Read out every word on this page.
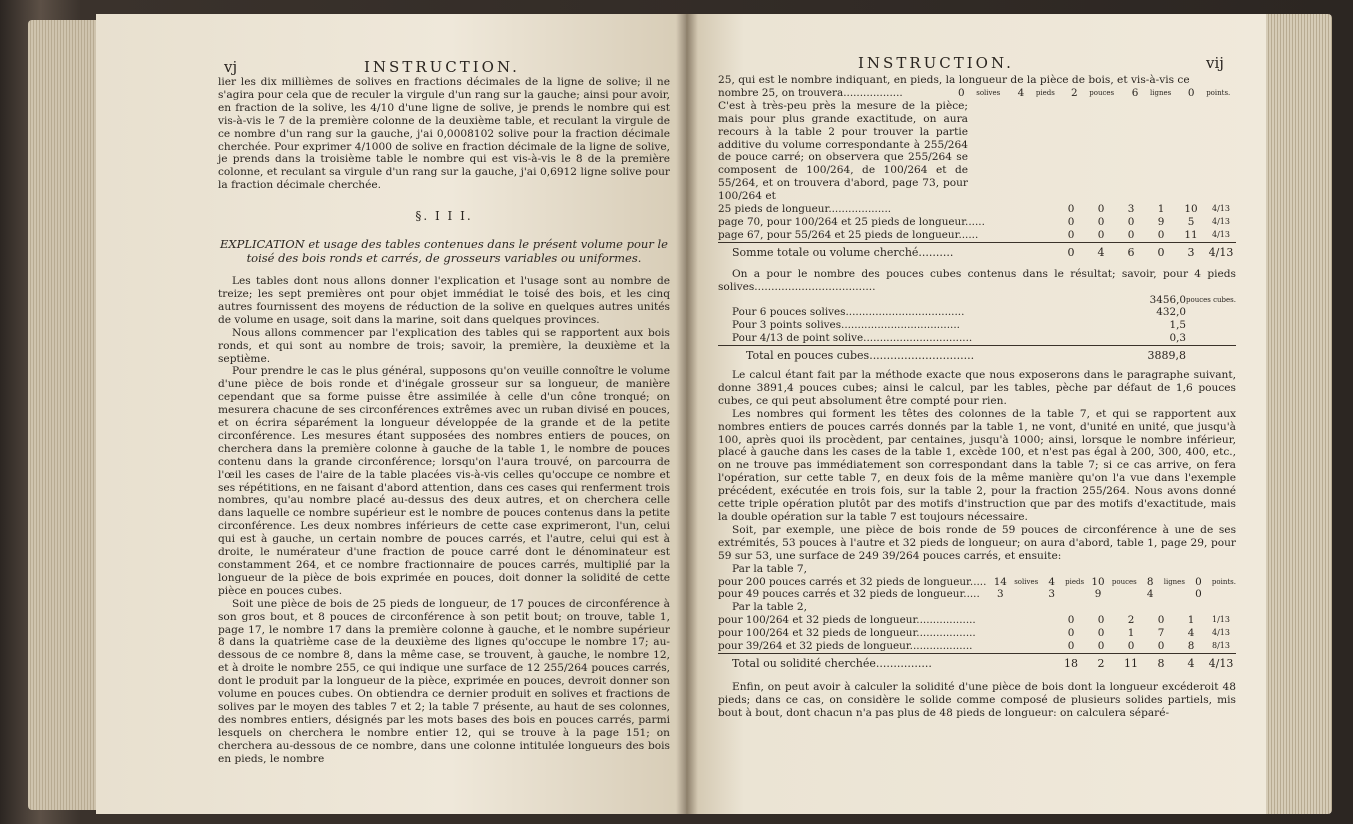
vj	INSTRUCTION.
lier les dix millièmes de solives en fractions décimales de la ligne de solive; il ne s'agira pour cela que de reculer la virgule d'un rang sur la gauche; ainsi pour avoir, en fraction de la solive, les 4/10 d'une ligne de solive, je prends le nombre qui est vis-à-vis le 7 de la première colonne de la deuxième table, et reculant la virgule de ce nombre d'un rang sur la gauche, j'ai 0,0008102 solive pour la fraction décimale cherchée. Pour exprimer 4/1000 de solive en fraction décimale de la ligne de solive, je prends dans la troisième table le nombre qui est vis-à-vis le 8 de la première colonne, et reculant sa virgule d'un rang sur la gauche, j'ai 0,6912 ligne solive pour la fraction décimale cherchée.
§. I I I.
EXPLICATION et usage des tables contenues dans le présent volume pour le toisé des bois ronds et carrés, de grosseurs variables ou uniformes.

Les tables dont nous allons donner l'explication et l'usage sont au nombre de treize; les sept premières ont pour objet immédiat le toisé des bois, et les cinq autres fournissent des moyens de réduction de la solive en quelques autres unités de volume en usage, soit dans la marine, soit dans quelques provinces.

Nous allons commencer par l'explication des tables qui se rapportent aux bois ronds, et qui sont au nombre de trois; savoir, la première, la deuxième et la septième.

Pour prendre le cas le plus général, supposons qu'on veuille connoître le volume d'une pièce de bois ronde et d'inégale grosseur sur sa longueur, de manière cependant que sa forme puisse être assimilée à celle d'un cône tronqué; on mesurera chacune de ses circonférences extrêmes avec un ruban divisé en pouces, et on écrira séparément la longueur développée de la grande et de la petite circonférence. Les mesures étant supposées des nombres entiers de pouces, on cherchera dans la première colonne à gauche de la table 1, le nombre de pouces contenu dans la grande circonférence; lorsqu'on l'aura trouvé, on parcourra de l'œil les cases de l'aire de la table placées vis-à-vis celles qu'occupe ce nombre et ses répétitions, en ne faisant d'abord attention, dans ces cases qui renferment trois nombres, qu'au nombre placé au-dessus des deux autres, et on cherchera celle dans laquelle ce nombre supérieur est le nombre de pouces contenus dans la petite circonférence. Les deux nombres inférieurs de cette case exprimeront, l'un, celui qui est à gauche, un certain nombre de pouces carrés, et l'autre, celui qui est à droite, le numérateur d'une fraction de pouce carré dont le dénominateur est constamment 264, et ce nombre fractionnaire de pouces carrés, multiplié par la longueur de la pièce de bois exprimée en pouces, doit donner la solidité de cette pièce en pouces cubes.

Soit une pièce de bois de 25 pieds de longueur, de 17 pouces de circonférence à son gros bout, et 8 pouces de circonférence à son petit bout; on trouve, table 1, page 17, le nombre 17 dans la première colonne à gauche, et le nombre supérieur 8 dans la quatrième case de la deuxième des lignes qu'occupe le nombre 17; au-dessous de ce nombre 8, dans la même case, se trouvent, à gauche, le nombre 12, et à droite le nombre 255, ce qui indique une surface de 12 255/264 pouces carrés, dont le produit par la longueur de la pièce, exprimée en pouces, devroit donner son volume en pouces cubes. On obtiendra ce dernier produit en solives et fractions de solives par le moyen des tables 7 et 2; la table 7 présente, au haut de ses colonnes, des nombres entiers, désignés par les mots bases des bois en pouces carrés, parmi lesquels on cherchera le nombre entier 12, qui se trouve à la page 151; on cherchera au-dessous de ce nombre, dans une colonne intitulée longueurs des bois en pieds, le nombre

INSTRUCTION.	vij
25, qui est le nombre indiquant, en pieds, la longueur de la pièce de bois, et vis-à-vis ce
nombre 25, on trouvera..................	0	solives	4	pieds	2	pouces	6	lignes	0	points.
C'est à très-peu près la mesure de la pièce; mais pour plus grande exactitude, on aura recours à la table 2 pour trouver la partie additive du volume correspondante à 255/264 de pouce carré; on observera que 255/264 se composent de 100/264, de 100/264 et de 55/264, et on trouvera d'abord, page 73, pour 100/264 et
25 pieds de longueur...................	0	0	3	1	10	4/13
page 70, pour 100/264 et 25 pieds de longueur......	0	0	0	9	5	4/13
page 67, pour 55/264 et 25 pieds de longueur......	0	0	0	0	11	4/13
Somme totale ou volume cherché..........	0	4	6	0	3	4/13

On a pour le nombre des pouces cubes contenus dans le résultat; savoir, pour 4 pieds solives....................................

	3456,0	pouces cubes.
Pour 6 pouces solives....................................	432,0	
Pour 3 points solives....................................	1,5	
Pour 4/13 de point solive.................................	0,3	
Total en pouces cubes..............................	3889,8	

Le calcul étant fait par la méthode exacte que nous exposerons dans le paragraphe suivant, donne 3891,4 pouces cubes; ainsi le calcul, par les tables, pèche par défaut de 1,6 pouces cubes, ce qui peut absolument être compté pour rien.

Les nombres qui forment les têtes des colonnes de la table 7, et qui se rapportent aux nombres entiers de pouces carrés donnés par la table 1, ne vont, d'unité en unité, que jusqu'à 100, après quoi ils procèdent, par centaines, jusqu'à 1000; ainsi, lorsque le nombre inférieur, placé à gauche dans les cases de la table 1, excède 100, et n'est pas égal à 200, 300, 400, etc., on ne trouve pas immédiatement son correspondant dans la table 7; si ce cas arrive, on fera l'opération, sur cette table 7, en deux fois de la même manière qu'on l'a vue dans l'exemple précédent, exécutée en trois fois, sur la table 2, pour la fraction 255/264. Nous avons donné cette triple opération plutôt par des motifs d'instruction que par des motifs d'exactitude, mais la double opération sur la table 7 est toujours nécessaire.

Soit, par exemple, une pièce de bois ronde de 59 pouces de circonférence à une de ses extrémités, 53 pouces à l'autre et 32 pieds de longueur; on aura d'abord, table 1, page 29, pour 59 sur 53, une surface de 249 39/264 pouces carrés, et ensuite:

Par la table 7,

pour 200 pouces carrés et 32 pieds de longueur.....	14	solives	4	pieds	10	pouces	8	lignes	0	points.
pour 49 pouces carrés et 32 pieds de longueur.....	3		3		9		4		0	

Par la table 2,

pour 100/264 et 32 pieds de longueur..................	0	0	2	0	1	1/13
pour 100/264 et 32 pieds de longueur..................	0	0	1	7	4	4/13
pour 39/264 et 32 pieds de longueur...................	0	0	0	0	8	8/13
Total ou solidité cherchée................	18	2	11	8	4	4/13

Enfin, on peut avoir à calculer la solidité d'une pièce de bois dont la longueur excéderoit 48 pieds; dans ce cas, on considère le solide comme composé de plusieurs solides partiels, mis bout à bout, dont chacun n'a pas plus de 48 pieds de longueur: on calculera séparé-
